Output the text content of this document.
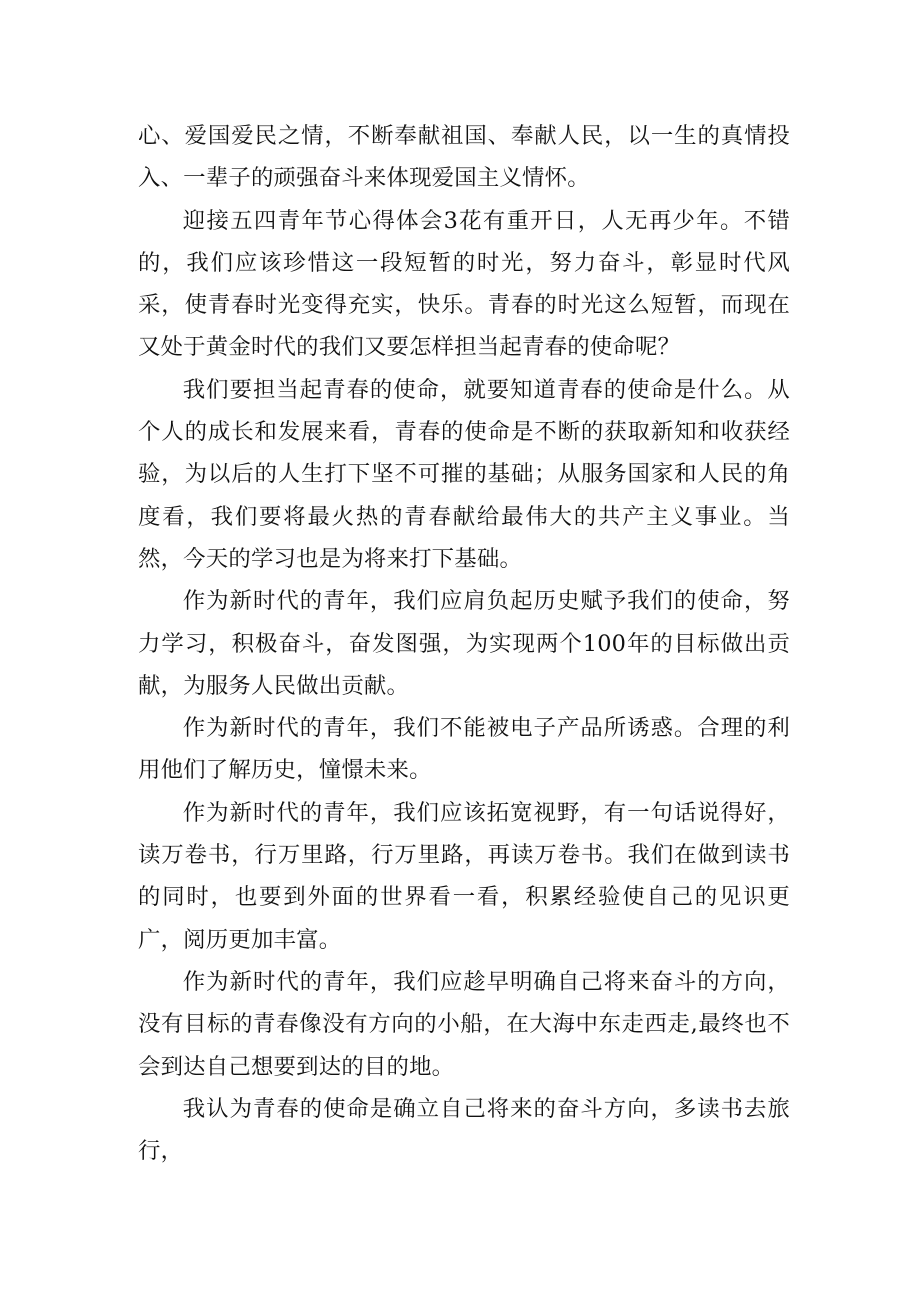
心、爱国爱民之情，不断奉献祖国、奉献人民，以一生的真情投入、一辈子的顽强奋斗来体现爱国主义情怀。

迎接五四青年节心得体会3花有重开日，人无再少年。不错的，我们应该珍惜这一段短暂的时光，努力奋斗，彰显时代风采，使青春时光变得充实，快乐。青春的时光这么短暂，而现在又处于黄金时代的我们又要怎样担当起青春的使命呢？

我们要担当起青春的使命，就要知道青春的使命是什么。从个人的成长和发展来看，青春的使命是不断的获取新知和收获经验，为以后的人生打下坚不可摧的基础；从服务国家和人民的角度看，我们要将最火热的青春献给最伟大的共产主义事业。当然，今天的学习也是为将来打下基础。

作为新时代的青年，我们应肩负起历史赋予我们的使命，努力学习，积极奋斗，奋发图强，为实现两个100年的目标做出贡献，为服务人民做出贡献。

作为新时代的青年，我们不能被电子产品所诱惑。合理的利用他们了解历史，憧憬未来。

作为新时代的青年，我们应该拓宽视野，有一句话说得好，读万卷书，行万里路，行万里路，再读万卷书。我们在做到读书的同时，也要到外面的世界看一看，积累经验使自己的见识更广，阅历更加丰富。

作为新时代的青年，我们应趁早明确自己将来奋斗的方向，没有目标的青春像没有方向的小船，在大海中东走西走,最终也不会到达自己想要到达的目的地。

我认为青春的使命是确立自己将来的奋斗方向，多读书去旅行，
